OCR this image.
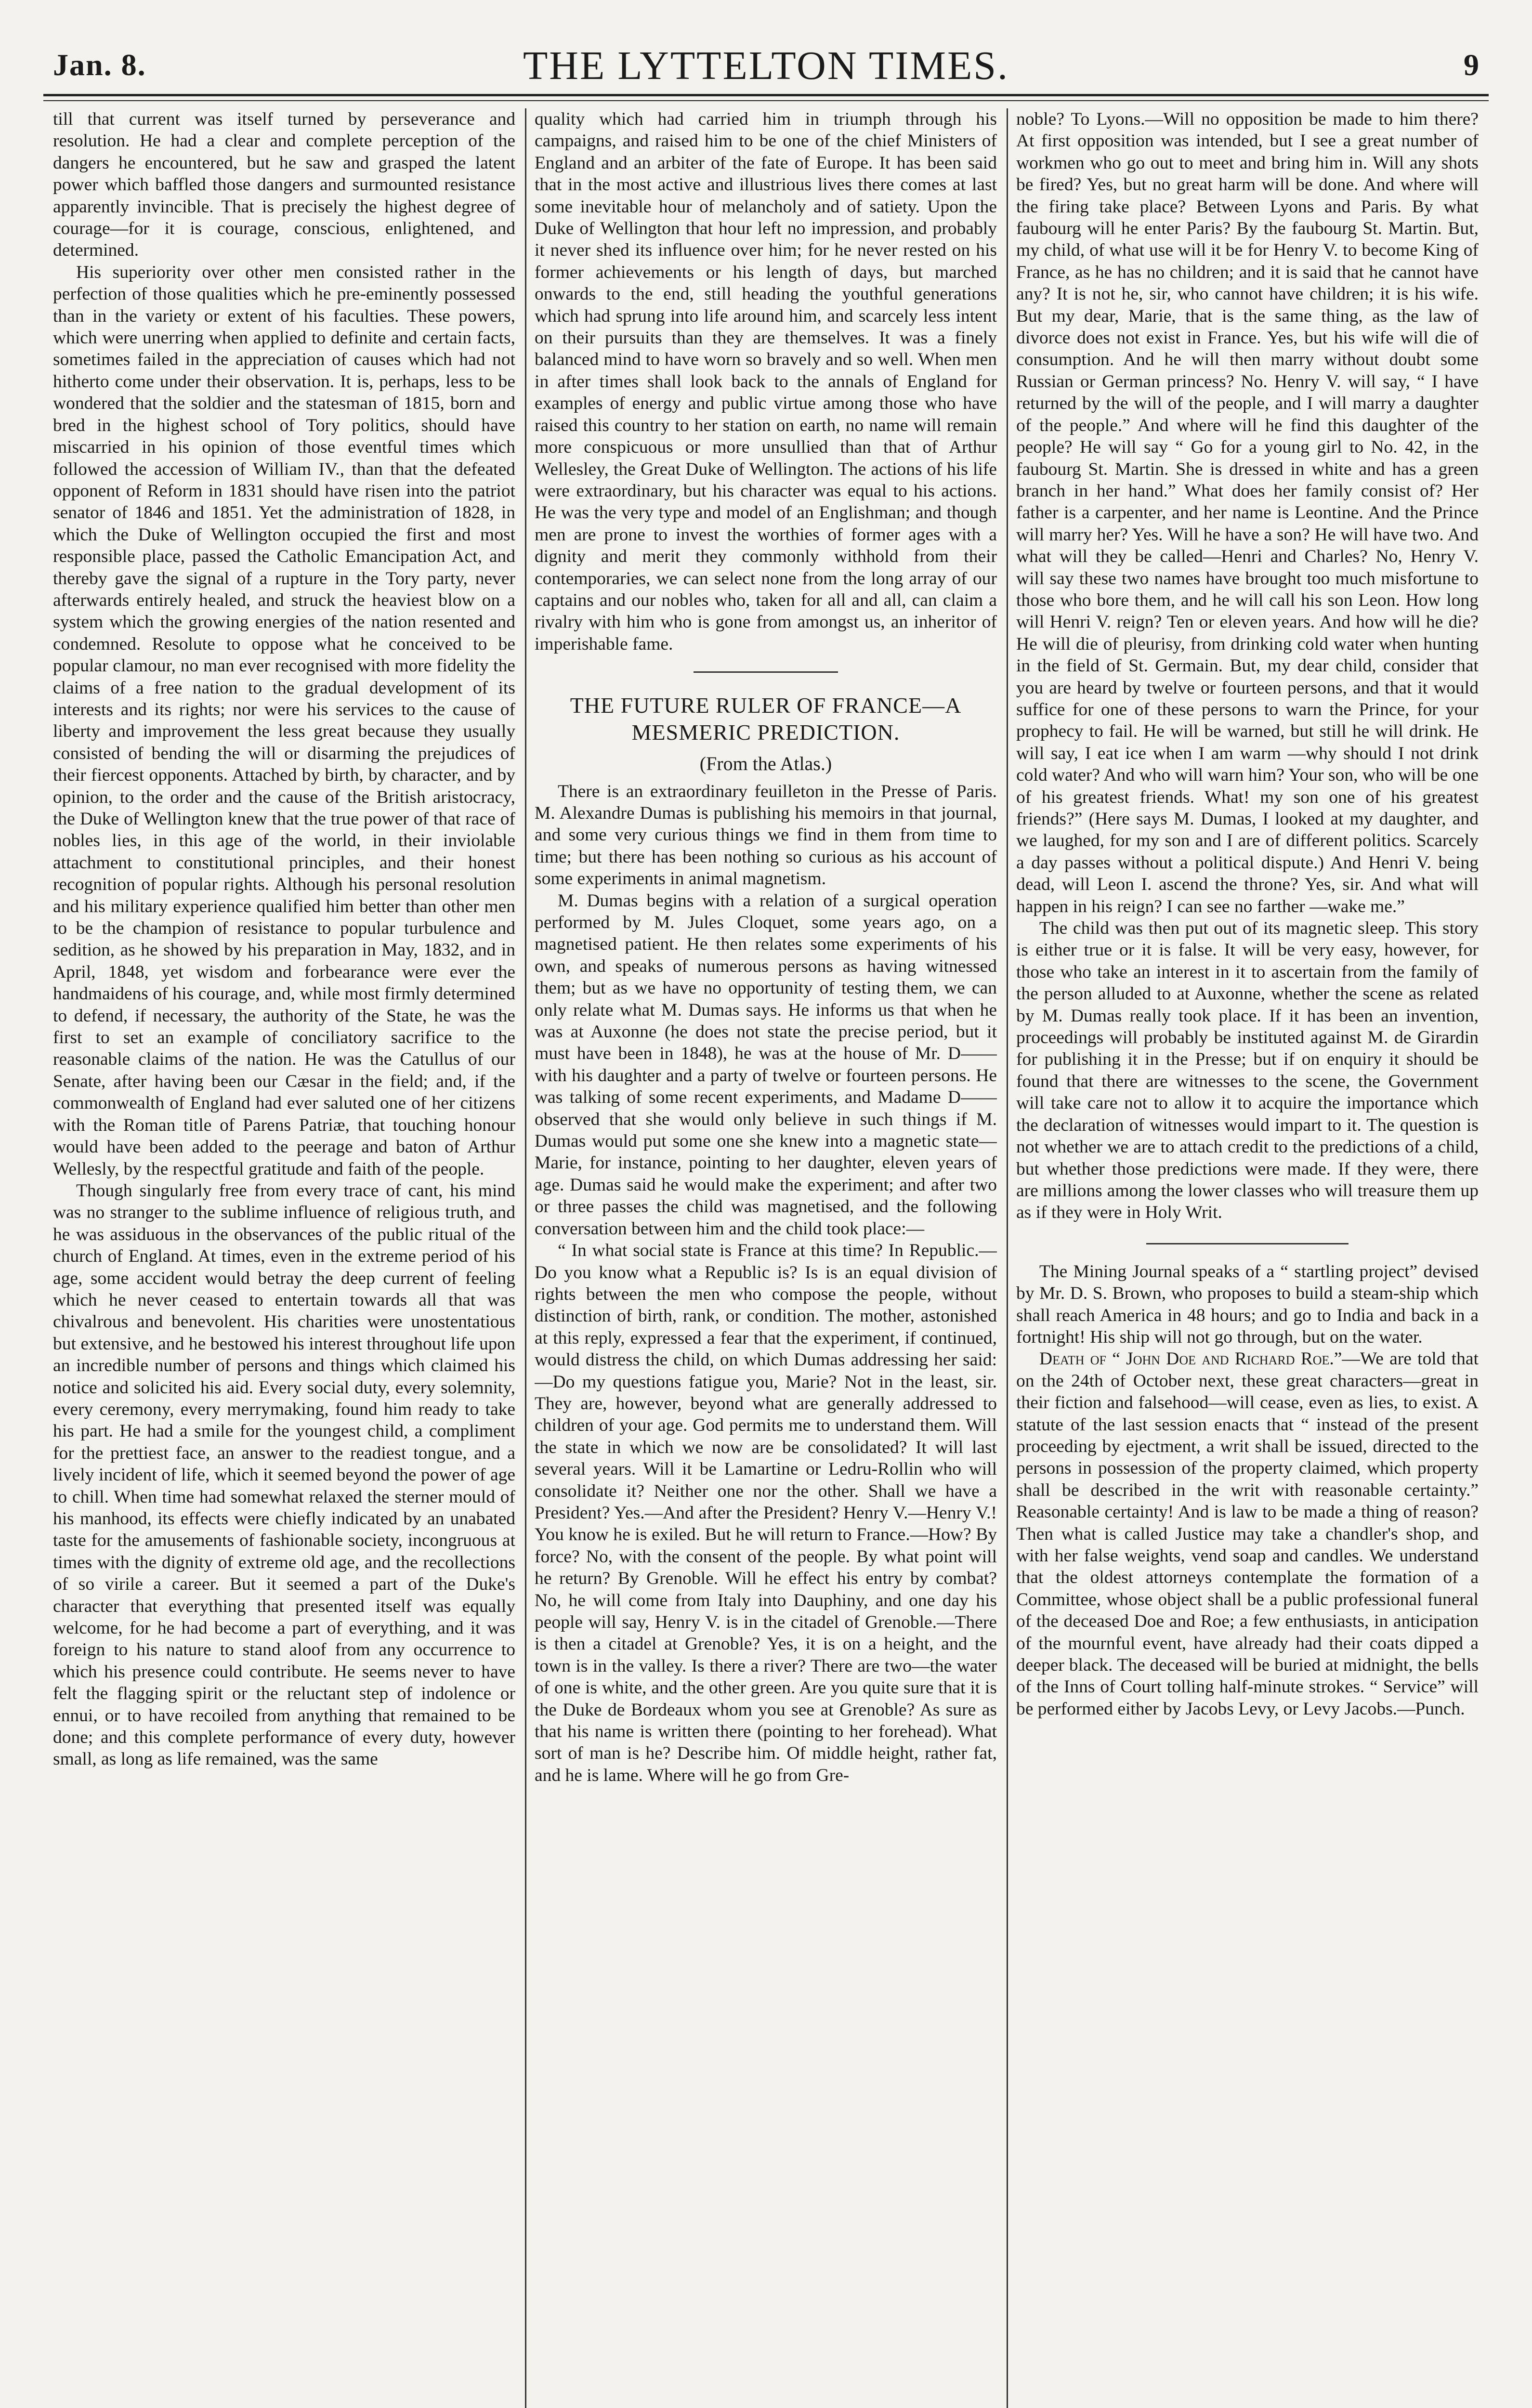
Jan. 8.	THE LYTTELTON TIMES.	9

till that current was itself turned by perseverance and resolution. He had a clear and complete perception of the dangers he encountered, but he saw and grasped the latent power which baffled those dangers and surmounted resistance apparently invincible. That is precisely the highest degree of courage—for it is courage, conscious, enlightened, and determined.

His superiority over other men consisted rather in the perfection of those qualities which he pre-eminently possessed than in the variety or extent of his faculties. These powers, which were unerring when applied to definite and certain facts, sometimes failed in the appreciation of causes which had not hitherto come under their observation. It is, perhaps, less to be wondered that the soldier and the statesman of 1815, born and bred in the highest school of Tory politics, should have miscarried in his opinion of those eventful times which followed the accession of William IV., than that the defeated opponent of Reform in 1831 should have risen into the patriot senator of 1846 and 1851. Yet the administration of 1828, in which the Duke of Wellington occupied the first and most responsible place, passed the Catholic Emancipation Act, and thereby gave the signal of a rupture in the Tory party, never afterwards entirely healed, and struck the heaviest blow on a system which the growing energies of the nation resented and condemned. Resolute to oppose what he conceived to be popular clamour, no man ever recognised with more fidelity the claims of a free nation to the gradual development of its interests and its rights; nor were his services to the cause of liberty and improvement the less great because they usually consisted of bending the will or disarming the prejudices of their fiercest opponents. Attached by birth, by character, and by opinion, to the order and the cause of the British aristocracy, the Duke of Wellington knew that the true power of that race of nobles lies, in this age of the world, in their inviolable attachment to constitutional principles, and their honest recognition of popular rights. Although his personal resolution and his military experience qualified him better than other men to be the champion of resistance to popular turbulence and sedition, as he showed by his preparation in May, 1832, and in April, 1848, yet wisdom and forbearance were ever the handmaidens of his courage, and, while most firmly determined to defend, if necessary, the authority of the State, he was the first to set an example of conciliatory sacrifice to the reasonable claims of the nation. He was the Catullus of our Senate, after having been our Cæsar in the field; and, if the commonwealth of England had ever saluted one of her citizens with the Roman title of Parens Patriæ, that touching honour would have been added to the peerage and baton of Arthur Wellesly, by the respectful gratitude and faith of the people.

Though singularly free from every trace of cant, his mind was no stranger to the sublime influence of religious truth, and he was assiduous in the observances of the public ritual of the church of England. At times, even in the extreme period of his age, some accident would betray the deep current of feeling which he never ceased to entertain towards all that was chivalrous and benevolent. His charities were unostentatious but extensive, and he bestowed his interest throughout life upon an incredible number of persons and things which claimed his notice and solicited his aid. Every social duty, every solemnity, every ceremony, every merrymaking, found him ready to take his part. He had a smile for the youngest child, a compliment for the prettiest face, an answer to the readiest tongue, and a lively incident of life, which it seemed beyond the power of age to chill. When time had somewhat relaxed the sterner mould of his manhood, its effects were chiefly indicated by an unabated taste for the amusements of fashionable society, incongruous at times with the dignity of extreme old age, and the recollections of so virile a career. But it seemed a part of the Duke's character that everything that presented itself was equally welcome, for he had become a part of everything, and it was foreign to his nature to stand aloof from any occurrence to which his presence could contribute. He seems never to have felt the flagging spirit or the reluctant step of indolence or ennui, or to have recoiled from anything that remained to be done; and this complete performance of every duty, however small, as long as life remained, was the same

quality which had carried him in triumph through his campaigns, and raised him to be one of the chief Ministers of England and an arbiter of the fate of Europe. It has been said that in the most active and illustrious lives there comes at last some inevitable hour of melancholy and of satiety. Upon the Duke of Wellington that hour left no impression, and probably it never shed its influence over him; for he never rested on his former achievements or his length of days, but marched onwards to the end, still heading the youthful generations which had sprung into life around him, and scarcely less intent on their pursuits than they are themselves. It was a finely balanced mind to have worn so bravely and so well. When men in after times shall look back to the annals of England for examples of energy and public virtue among those who have raised this country to her station on earth, no name will remain more conspicuous or more unsullied than that of Arthur Wellesley, the Great Duke of Wellington. The actions of his life were extraordinary, but his character was equal to his actions. He was the very type and model of an Englishman; and though men are prone to invest the worthies of former ages with a dignity and merit they commonly withhold from their contemporaries, we can select none from the long array of our captains and our nobles who, taken for all and all, can claim a rivalry with him who is gone from amongst us, an inheritor of imperishable fame.

THE FUTURE RULER OF FRANCE—A MESMERIC PREDICTION.
(From the Atlas.)

There is an extraordinary feuilleton in the Presse of Paris. M. Alexandre Dumas is publishing his memoirs in that journal, and some very curious things we find in them from time to time; but there has been nothing so curious as his account of some experiments in animal magnetism.

M. Dumas begins with a relation of a surgical operation performed by M. Jules Cloquet, some years ago, on a magnetised patient. He then relates some experiments of his own, and speaks of numerous persons as having witnessed them; but as we have no opportunity of testing them, we can only relate what M. Dumas says. He informs us that when he was at Auxonne (he does not state the precise period, but it must have been in 1848), he was at the house of Mr. D—— with his daughter and a party of twelve or fourteen persons. He was talking of some recent experiments, and Madame D—— observed that she would only believe in such things if M. Dumas would put some one she knew into a magnetic state—Marie, for instance, pointing to her daughter, eleven years of age. Dumas said he would make the experiment; and after two or three passes the child was magnetised, and the following conversation between him and the child took place:—

“ In what social state is France at this time? In Republic.—Do you know what a Republic is? Is is an equal division of rights between the men who compose the people, without distinction of birth, rank, or condition. The mother, astonished at this reply, expressed a fear that the experiment, if continued, would distress the child, on which Dumas addressing her said:—Do my questions fatigue you, Marie? Not in the least, sir. They are, however, beyond what are generally addressed to children of your age. God permits me to understand them. Will the state in which we now are be consolidated? It will last several years. Will it be Lamartine or Ledru-Rollin who will consolidate it? Neither one nor the other. Shall we have a President? Yes.—And after the President? Henry V.—Henry V.! You know he is exiled. But he will return to France.—How? By force? No, with the consent of the people. By what point will he return? By Grenoble. Will he effect his entry by combat? No, he will come from Italy into Dauphiny, and one day his people will say, Henry V. is in the citadel of Grenoble.—There is then a citadel at Grenoble? Yes, it is on a height, and the town is in the valley. Is there a river? There are two—the water of one is white, and the other green. Are you quite sure that it is the Duke de Bordeaux whom you see at Grenoble? As sure as that his name is written there (pointing to her forehead). What sort of man is he? Describe him. Of middle height, rather fat, and he is lame. Where will he go from Gre-

noble? To Lyons.—Will no opposition be made to him there? At first opposition was intended, but I see a great number of workmen who go out to meet and bring him in. Will any shots be fired? Yes, but no great harm will be done. And where will the firing take place? Between Lyons and Paris. By what faubourg will he enter Paris? By the faubourg St. Martin. But, my child, of what use will it be for Henry V. to become King of France, as he has no children; and it is said that he cannot have any? It is not he, sir, who cannot have children; it is his wife. But my dear, Marie, that is the same thing, as the law of divorce does not exist in France. Yes, but his wife will die of consumption. And he will then marry without doubt some Russian or German princess? No. Henry V. will say, “ I have returned by the will of the people, and I will marry a daughter of the people.” And where will he find this daughter of the people? He will say “ Go for a young girl to No. 42, in the faubourg St. Martin. She is dressed in white and has a green branch in her hand.” What does her family consist of? Her father is a carpenter, and her name is Leontine. And the Prince will marry her? Yes. Will he have a son? He will have two. And what will they be called—Henri and Charles? No, Henry V. will say these two names have brought too much misfortune to those who bore them, and he will call his son Leon. How long will Henri V. reign? Ten or eleven years. And how will he die? He will die of pleurisy, from drinking cold water when hunting in the field of St. Germain. But, my dear child, consider that you are heard by twelve or fourteen persons, and that it would suffice for one of these persons to warn the Prince, for your prophecy to fail. He will be warned, but still he will drink. He will say, I eat ice when I am warm —why should I not drink cold water? And who will warn him? Your son, who will be one of his greatest friends. What! my son one of his greatest friends?” (Here says M. Dumas, I looked at my daughter, and we laughed, for my son and I are of different politics. Scarcely a day passes without a political dispute.) And Henri V. being dead, will Leon I. ascend the throne? Yes, sir. And what will happen in his reign? I can see no farther —wake me.”

The child was then put out of its magnetic sleep. This story is either true or it is false. It will be very easy, however, for those who take an interest in it to ascertain from the family of the person alluded to at Auxonne, whether the scene as related by M. Dumas really took place. If it has been an invention, proceedings will probably be instituted against M. de Girardin for publishing it in the Presse; but if on enquiry it should be found that there are witnesses to the scene, the Government will take care not to allow it to acquire the importance which the declaration of witnesses would impart to it. The question is not whether we are to attach credit to the predictions of a child, but whether those predictions were made. If they were, there are millions among the lower classes who will treasure them up as if they were in Holy Writ.

The Mining Journal speaks of a “ startling project” devised by Mr. D. S. Brown, who proposes to build a steam-ship which shall reach America in 48 hours; and go to India and back in a fortnight! His ship will not go through, but on the water.

Death of “ John Doe and Richard Roe.”—We are told that on the 24th of October next, these great characters—great in their fiction and falsehood—will cease, even as lies, to exist. A statute of the last session enacts that “ instead of the present proceeding by ejectment, a writ shall be issued, directed to the persons in possession of the property claimed, which property shall be described in the writ with reasonable certainty.” Reasonable certainty! And is law to be made a thing of reason? Then what is called Justice may take a chandler's shop, and with her false weights, vend soap and candles. We understand that the oldest attorneys contemplate the formation of a Committee, whose object shall be a public professional funeral of the deceased Doe and Roe; a few enthusiasts, in anticipation of the mournful event, have already had their coats dipped a deeper black. The deceased will be buried at midnight, the bells of the Inns of Court tolling half-minute strokes. “ Service” will be performed either by Jacobs Levy, or Levy Jacobs.—Punch.
